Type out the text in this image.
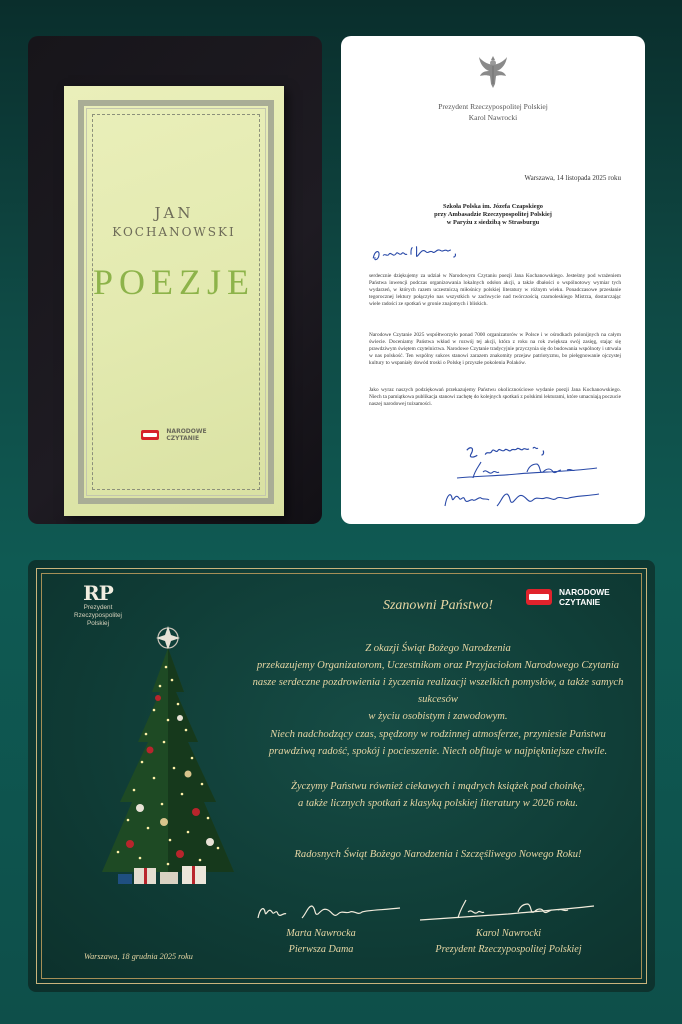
JAN
KOCHANOWSKI
POEZJE
NARODOWE
CZYTANIE
Prezydent Rzeczypospolitej Polskiej
Karol Nawrocki
Warszawa, 14 listopada 2025 roku
Szkoła Polska im. Józefa Czapskiego
przy Ambasadzie Rzeczypospolitej Polskiej
w Paryżu z siedzibą w Strasburgu
serdecznie dziękujemy za udział w Narodowym Czytaniu poezji Jana Kochanowskiego. Jesteśmy pod wrażeniem Państwa inwencji podczas organizowania lokalnych odsłon akcji, a także dbałości o wspólnotowy wymiar tych wydarzeń, w których razem uczestniczą miłośnicy polskiej literatury w różnym wieku. Ponadczasowe przesłanie tegorocznej lektury połączyło nas wszystkich w zachwycie nad twórczością czarnoleskiego Mistrza, dostarczając wiele radości ze spotkań w gronie znajomych i bliskich.
Narodowe Czytanie 2025 współtworzyło ponad 7000 organizatorów w Polsce i w ośrodkach polonijnych na całym świecie. Doceniamy Państwa wkład w rozwój tej akcji, która z roku na rok zwiększa swój zasięg, stając się prawdziwym świętem czytelnictwa. Narodowe Czytanie tradycyjnie przyczynia się do budowania wspólnoty i utrwala w nas polskość. Ten wspólny sukces stanowi zarazem znakomity przejaw patriotyzmu, bo pielęgnowanie ojczystej kultury to wspaniały dowód troski o Polskę i przyszłe pokolenia Polaków.
Jako wyraz naszych podziękowań przekazujemy Państwu okolicznościowe wydanie poezji Jana Kochanowskiego. Niech ta pamiątkowa publikacja stanowi zachętę do kolejnych spotkań z polskimi lekturami, które umacniają poczucie naszej narodowej tożsamości.
RP
Prezydent
Rzeczypospolitej
Polskiej
NARODOWE
CZYTANIE
Szanowni Państwo!
Z okazji Świąt Bożego Narodzenia
przekazujemy Organizatorom, Uczestnikom oraz Przyjaciołom Narodowego Czytania
nasze serdeczne pozdrowienia i życzenia realizacji wszelkich pomysłów, a także samych sukcesów
w życiu osobistym i zawodowym.
Niech nadchodzący czas, spędzony w rodzinnej atmosferze, przyniesie Państwu
prawdziwą radość, spokój i pocieszenie. Niech obfituje w najpiękniejsze chwile.
Życzymy Państwu również ciekawych i mądrych książek pod choinkę,
a także licznych spotkań z klasyką polskiej literatury w 2026 roku.
Radosnych Świąt Bożego Narodzenia i Szczęśliwego Nowego Roku!
Marta Nawrocka
Pierwsza Dama
Karol Nawrocki
Prezydent Rzeczypospolitej Polskiej
Warszawa, 18 grudnia 2025 roku
